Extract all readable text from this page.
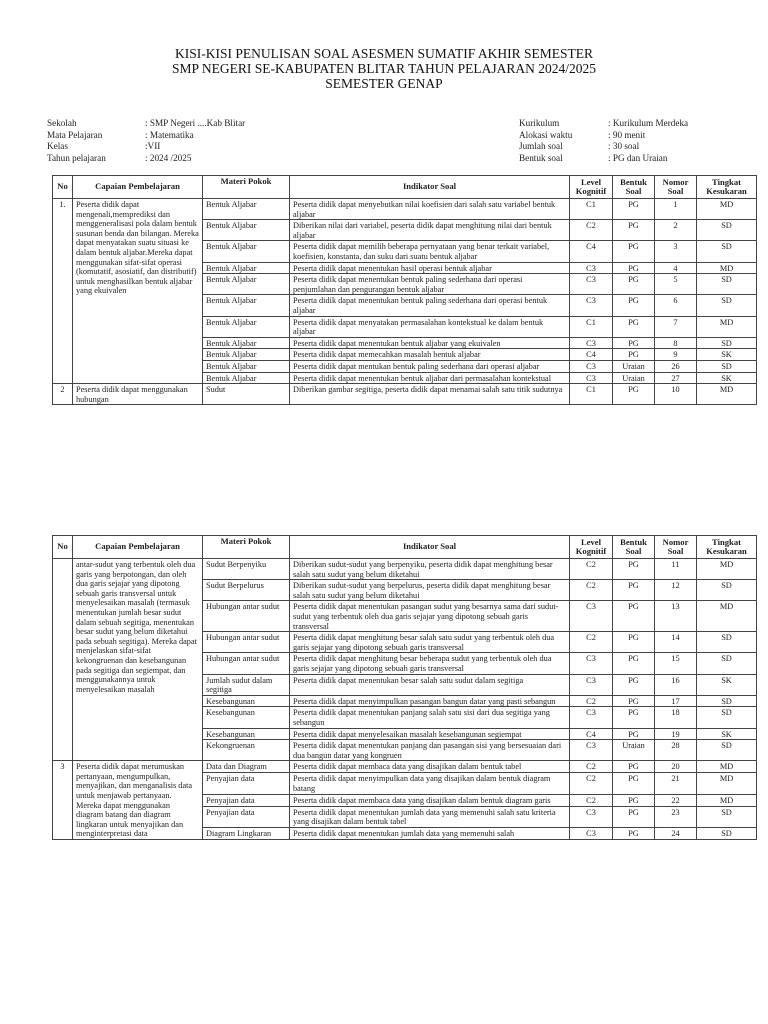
KISI-KISI PENULISAN SOAL ASESMEN SUMATIF AKHIR SEMESTER
SMP NEGERI SE-KABUPATEN BLITAR TAHUN PELAJARAN 2024/2025
SEMESTER GENAP
Sekolah	: SMP Negeri ....Kab Blitar
Mata Pelajaran	: Matematika
Kelas	:VII
Tahun pelajaran	: 2024 /2025
Kurikulum	: Kurikulum Merdeka
Alokasi waktu	: 90 menit
Jumlah soal	: 30 soal
Bentuk soal	: PG dan Uraian
No	Capaian Pembelajaran	Materi Pokok	Indikator Soal	Level Kognitif	Bentuk Soal	Nomor Soal	Tingkat Kesukaran
1.	Peserta didik dapat mengenali,memprediksi dan menggeneralisasi pola dalam bentuk susunan benda dan bilangan. Mereka dapat menyatakan suatu situasi ke dalam bentuk aljabar.Mereka dapat menggunakan sifat-sifat operasi (komutatif, asosiatif, dan distributif) untuk menghasilkan bentuk aljabar yang ekuivalen	Bentuk Aljabar	Peserta didik dapat menyebutkan nilai koefisien dari salah satu variabel bentuk aljabar	C1	PG	1	MD
		Bentuk Aljabar	Diberikan nilai dari variabel, peserta didik dapat menghitung nilai dari bentuk aljabar	C2	PG	2	SD
		Bentuk Aljabar	Peserta didik dapat memilih beberapa pernyataan yang benar terkait variabel, koefisien, konstanta, dan suku dari suatu bentuk aljabar	C4	PG	3	SD
		Bentuk Aljabar	Peserta didik dapat menentukan hasil operasi bentuk aljabar	C3	PG	4	MD
		Bentuk Aljabar	Peserta didik dapat menentukan bentuk paling sederhana dari operasi penjumlahan dan pengurangan bentuk aljabar	C3	PG	5	SD
		Bentuk Aljabar	Peserta didik dapat menentukan bentuk paling sederhana dari operasi bentuk aljabar	C3	PG	6	SD
		Bentuk Aljabar	Peserta didik dapat menyatakan permasalahan kontekstual ke dalam bentuk aljabar	C1	PG	7	MD
		Bentuk Aljabar	Peserta didik dapat menentukan bentuk aljabar yang ekuivalen	C3	PG	8	SD
		Bentuk Aljabar	Peserta didik dapat memecahkan masalah bentuk aljabar	C4	PG	9	SK
		Bentuk Aljabar	Peserta didik dapat mentukan bentuk paling sederhana dari operasi aljabar	C3	Uraian	26	SD
		Bentuk Aljabar	Peserta didik dapat menentukan bentuk aljabar dari permasalahan kontekstual	C3	Uraian	27	SK
2	Peserta didik dapat menggunakan hubungan	Sudut	Diberikan gambar segitiga, peserta didik dapat menamai salah satu titik sudutnya	C1	PG	10	MD
No	Capaian Pembelajaran	Materi Pokok	Indikator Soal	Level Kognitif	Bentuk Soal	Nomor Soal	Tingkat Kesukaran
	antar-sudut yang terbentuk oleh dua garis yang berpotongan, dan oleh dua garis sejajar yang dipotong sebuah garis transversal untuk menyelesaikan masalah (termasuk menentukan jumlah besar sudut dalam sebuah segitiga, menentukan besar sudut yang belum diketahui pada sebuah segitiga). Mereka dapat menjelaskan sifat-sifat kekongruenan dan kesebangunan pada segitiga dan segiempat, dan menggunakannya untuk menyelesaikan masalah	Sudut Berpenyiku	Diberikan sudut-sudut yang berpenyiku, peserta didik dapat menghitung besar salah satu sudut yang belum diketahui	C2	PG	11	MD
		Sudut Berpelurus	Diberikan sudut-sudut yang berpelurus, peserta didik dapat menghitung besar salah satu sudut yang belum diketahui	C2	PG	12	SD
		Hubungan antar sudut	Peserta didik dapat menentukan pasangan sudut yang besarnya sama dari sudut-sudut yang terbentuk oleh dua garis sejajar yang dipotong sebuah garis transversal	C3	PG	13	MD
		Hubungan antar sudut	Peserta didik dapat menghitung besar salah satu sudut yang terbentuk oleh dua garis sejajar yang dipotong sebuah garis transversal	C2	PG	14	SD
		Hubungan antar sudut	Peserta didik dapat menghitung besar beberapa sudut yang terbentuk oleh dua garis sejajar yang dipotong sebuah garis transversal	C3	PG	15	SD
		Jumlah sudut dalam segitiga	Peserta didik dapat menentukan besar salah satu sudut dalam segitiga	C3	PG	16	SK
		Kesebangunan	Peserta didik dapat menyimpulkan pasangan bangun datar yang pasti sebangun	C2	PG	17	SD
		Kesebangunan	Peserta didik dapat menentukan panjang salah satu sisi dari dua segitiga yang sebangun	C3	PG	18	SD
		Kesebangunan	Peserta didik dapat menyelesaikan masalah kesebangunan segiempat	C4	PG	19	SK
		Kekongruenan	Peserta didik dapat menentukan panjang dan pasangan sisi yang bersesuaian dari dua bangun datar yang kongruen	C3	Uraian	28	SD
3	Peserta didik dapat merumuskan pertanyaan, mengumpulkan, menyajikan, dan menganalisis data untuk menjawab pertanyaan. Mereka dapat menggunakan diagram batang dan diagram lingkaran untuk menyajikan dan menginterpretasi data	Data dan Diagram	Peserta didik dapat membaca data yang disajikan dalam bentuk tabel	C2	PG	20	MD
		Penyajian data	Peserta didik dapat menyimpulkan data yang disajikan dalam bentuk diagram batang	C2	PG	21	MD
		Penyajian data	Peserta didik dapat membaca data yang disajikan dalam bentuk diagram garis	C2	PG	22	MD
		Penyajian data	Peserta didik dapat menentukan jumlah data yang memenuhi salah satu kriteria yang disajikan dalam bentuk tabel	C3	PG	23	SD
		Diagram Lingkaran	Peserta didik dapat menentukan jumlah data yang memenuhi salah	C3	PG	24	SD
